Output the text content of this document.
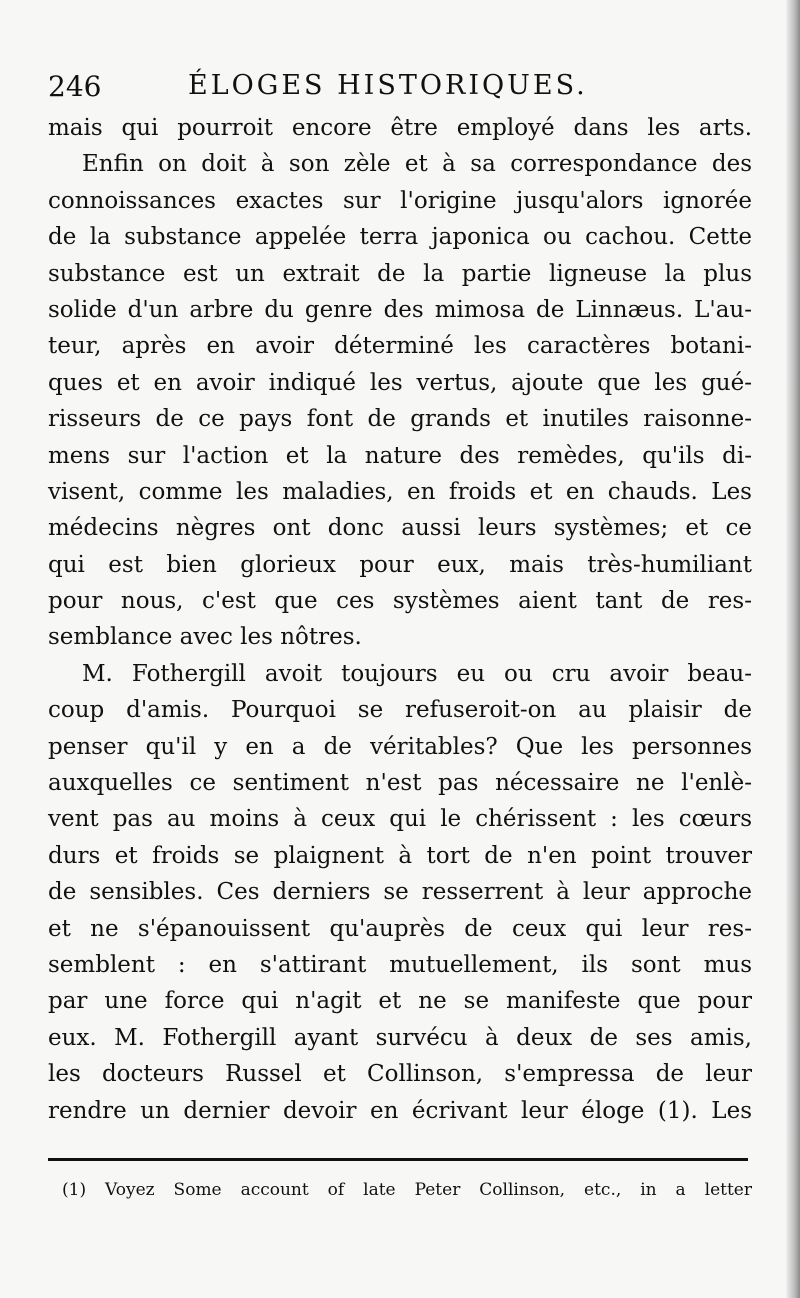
246	ÉLOGES HISTORIQUES.
mais qui pourroit encore être employé dans les arts.
Enfin on doit à son zèle et à sa correspondance des
connoissances exactes sur l'origine jusqu'alors ignorée
de la substance appelée terra japonica ou cachou. Cette
substance est un extrait de la partie ligneuse la plus
solide d'un arbre du genre des mimosa de Linnæus. L'au-
teur, après en avoir déterminé les caractères botani-
ques et en avoir indiqué les vertus, ajoute que les gué-
risseurs de ce pays font de grands et inutiles raisonne-
mens sur l'action et la nature des remèdes, qu'ils di-
visent, comme les maladies, en froids et en chauds. Les
médecins nègres ont donc aussi leurs systèmes; et ce
qui est bien glorieux pour eux, mais très-humiliant
pour nous, c'est que ces systèmes aient tant de res-
semblance avec les nôtres.
M. Fothergill avoit toujours eu ou cru avoir beau-
coup d'amis. Pourquoi se refuseroit-on au plaisir de
penser qu'il y en a de véritables? Que les personnes
auxquelles ce sentiment n'est pas nécessaire ne l'enlè-
vent pas au moins à ceux qui le chérissent : les cœurs
durs et froids se plaignent à tort de n'en point trouver
de sensibles. Ces derniers se resserrent à leur approche
et ne s'épanouissent qu'auprès de ceux qui leur res-
semblent : en s'attirant mutuellement, ils sont mus
par une force qui n'agit et ne se manifeste que pour
eux. M. Fothergill ayant survécu à deux de ses amis,
les docteurs Russel et Collinson, s'empressa de leur
rendre un dernier devoir en écrivant leur éloge (1). Les
(1) Voyez Some account of late Peter Collinson, etc., in a letter
